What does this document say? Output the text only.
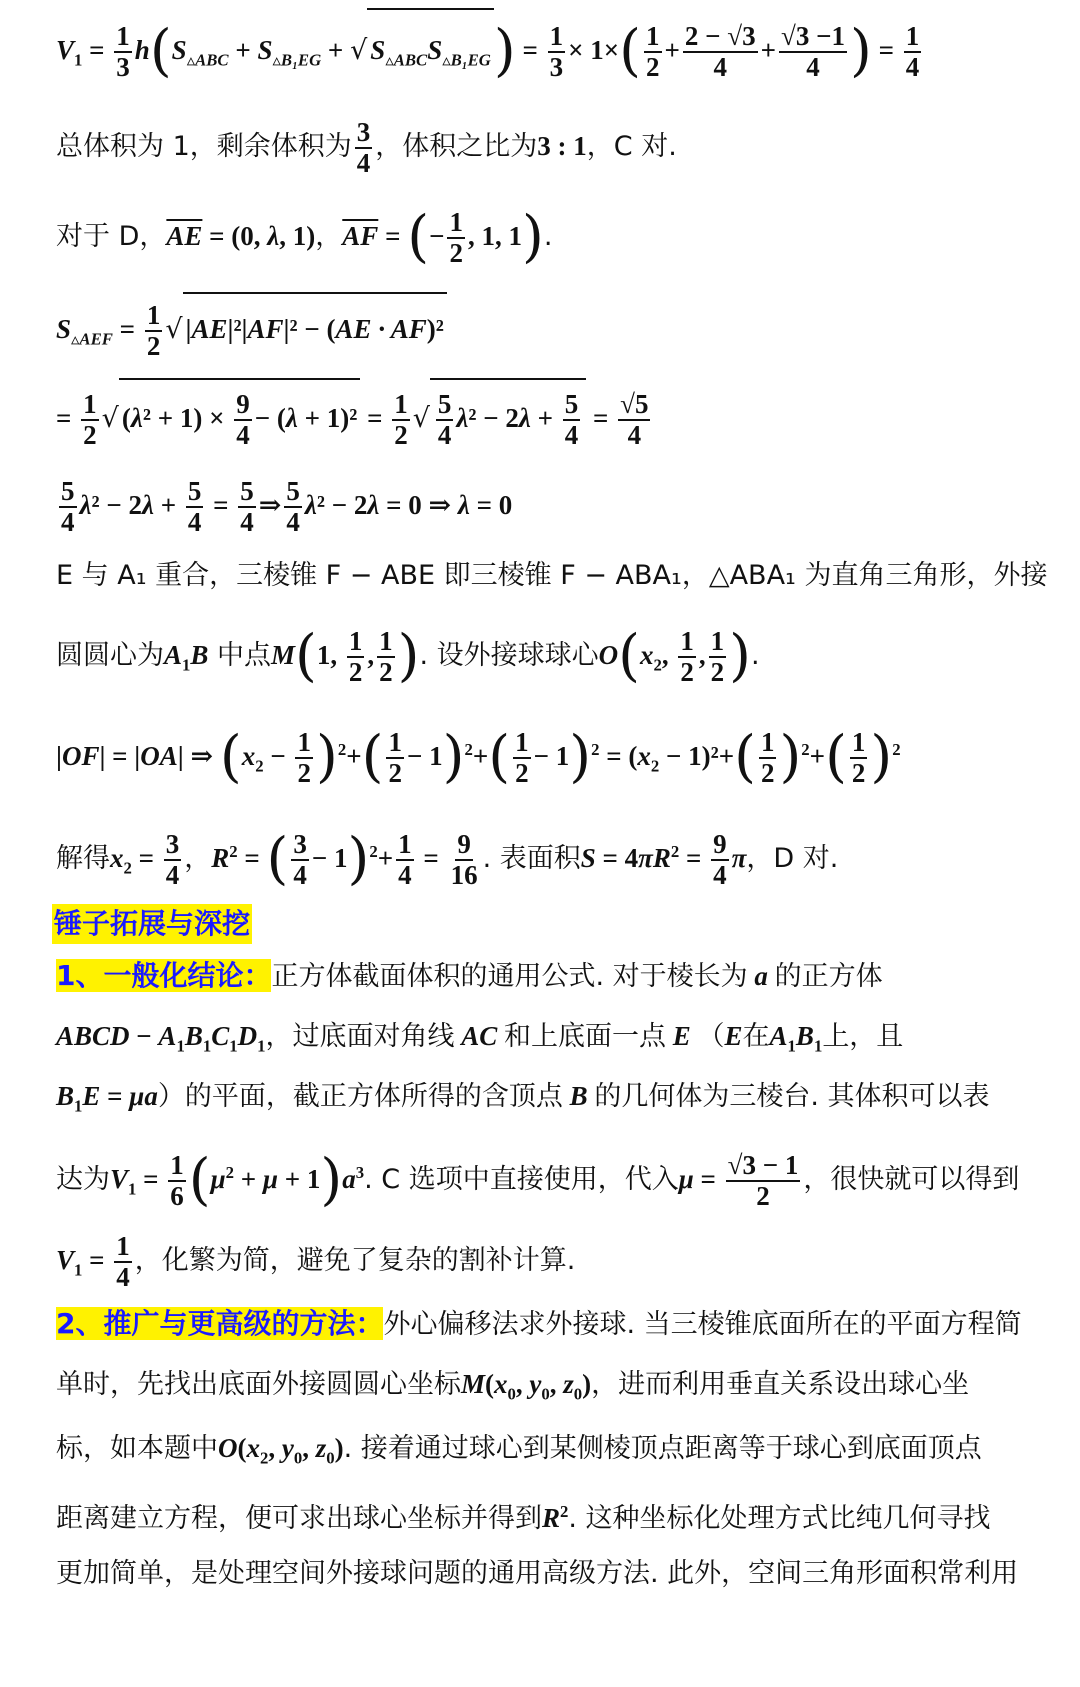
$V_1 = \frac{1}{3} h(S_{▵ABC} + S_{▵B_1EG}$ + √ $S_{▵ABC}S_{▵B_1EG}) = \frac{1}{3} \times 1\times( \frac{1}{2} + \frac{2 - √3}{4} + \frac{√3 -1}{4}$ ) = $\frac{1}{4}$
总体积为 1，剩余体积为 $\frac{3}{4}$ ，体积之比为3 : 1，C 对.
对于 D，$\overline{AE} = (0$, λ, 1)，$\overline{AF}$ = (− $\frac{1}{2}$ , 1, 1).
$S_{▵AEF} = \frac{1}{2}$ √ |AE|²|AF|² − (AE · AF)²
= $\frac{1}{2}$ √ $(\lambda^2 + 1) \times \frac{9}{4} - (\lambda + 1)^2 = \frac{1}{2}$ √ $\frac{5}{4} \lambda^2 - 2\lambda + \frac{5}{4} = \frac{√5}{4}$
$\frac{5}{4} \lambda^2 - 2\lambda + \frac{5}{4} = \frac{5}{4}$ ⇒ $\frac{5}{4} \lambda^2 - 2\lambda = 0$ ⇒ λ = 0
E 与 A₁ 重合，三棱锥 F − ABE 即三棱锥 F − ABA₁，△ABA₁ 为直角三角形，外接
圆圆心为$A_1B$ 中点M(1, $\frac{1}{2}$ , $\frac{1}{2}$ ). 设外接球球心$O(x_2$, $\frac{1}{2}$ , $\frac{1}{2}$ ).
|OF| = |OA| ⇒ $(x_2 - \frac{1}{2} )^2+( \frac{1}{2} - 1)^2+( \frac{1}{2} - 1)^2 = (x_2 - 1)^2+( \frac{1}{2} )^2+( \frac{1}{2} )^2$
解得$x_2 = \frac{3}{4}$ ，$R^2$ = ( $\frac{3}{4} - 1)^2+ \frac{1}{4} = \frac{9}{16}$ . 表面积$S = 4\pi R^2 = \frac{9}{4}$ π，D 对.
锤子拓展与深挖
1、一般化结论：正方体截面体积的通用公式. 对于棱长为 a 的正方体
ABCD − $A_1B_1C_1D_1$，过底面对角线 AC 和上底面一点 E （E在$A_1B_1$上，且
$B_1E = \mu a$）的平面，截正方体所得的含顶点 B 的几何体为三棱台. 其体积可以表
达为$V_1 = \frac{1}{6} (\mu^2 + \mu + 1)a^3$. C 选项中直接使用，代入$\mu = \frac{√3 - 1}{2}$ ，很快就可以得到
$V_1 = \frac{1}{4}$ ，化繁为简，避免了复杂的割补计算.
2、推广与更高级的方法：外心偏移法求外接球. 当三棱锥底面所在的平面方程简
单时，先找出底面外接圆圆心坐标$M(x_0$, $y_0$, $z_0$)，进而利用垂直关系设出球心坐
标，如本题中$O(x_2$, $y_0$, $z_0$). 接着通过球心到某侧棱顶点距离等于球心到底面顶点
距离建立方程，便可求出球心坐标并得到$R^2$. 这种坐标化处理方式比纯几何寻找
更加简单，是处理空间外接球问题的通用高级方法. 此外，空间三角形面积常利用
